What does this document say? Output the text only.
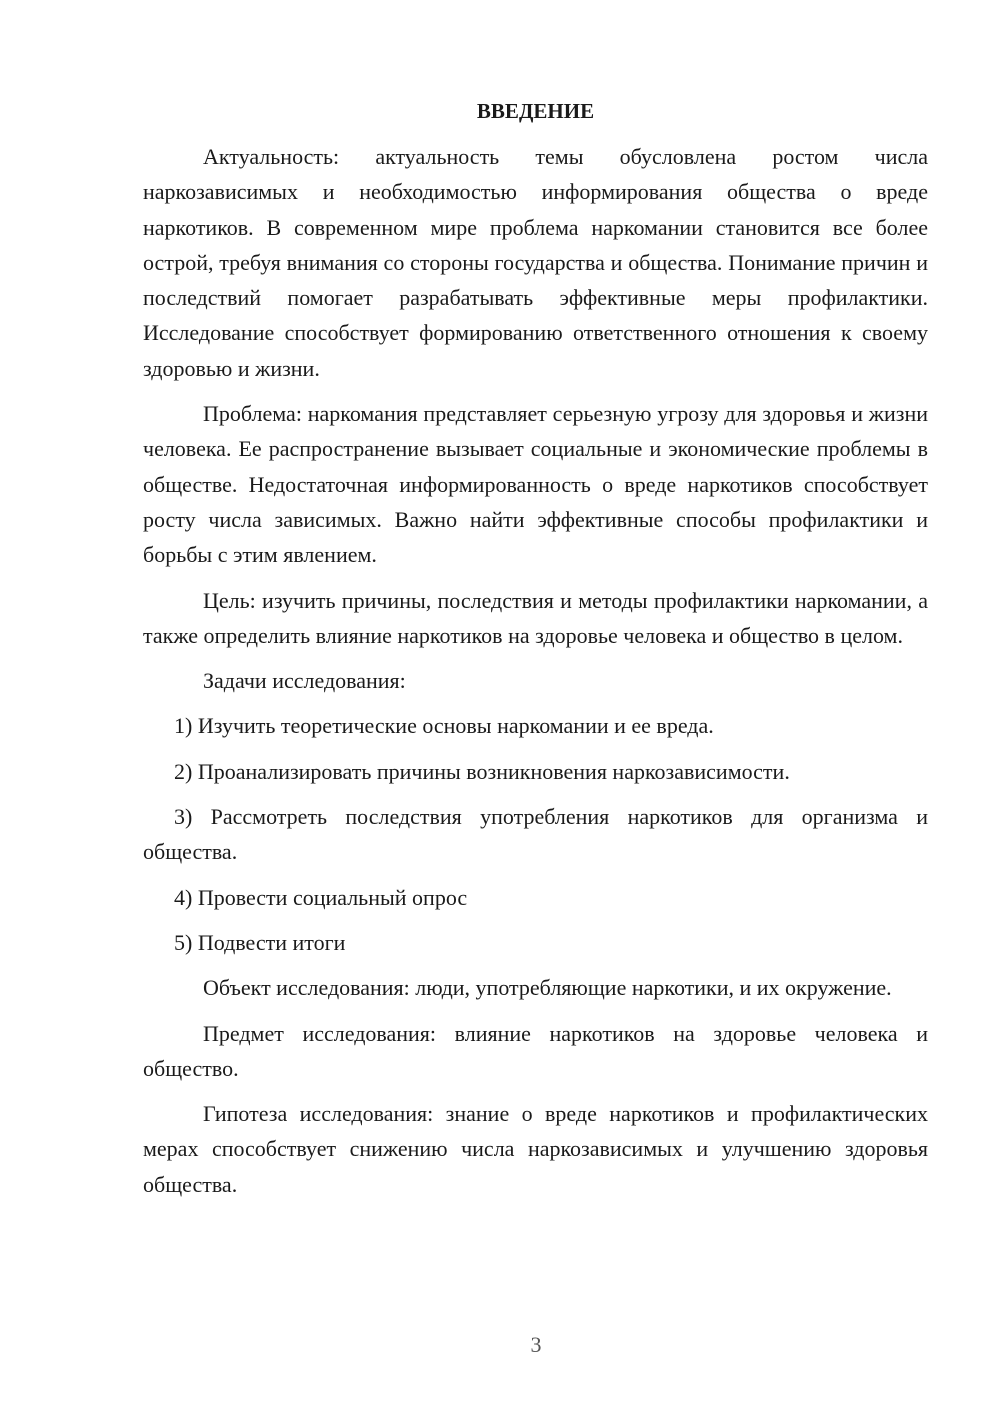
ВВЕДЕНИЕ

Актуальность: актуальность темы обусловлена ростом числа наркозависимых и необходимостью информирования общества о вреде наркотиков. В современном мире проблема наркомании становится все более острой, требуя внимания со стороны государства и общества. Понимание причин и последствий помогает разрабатывать эффективные меры профилактики. Исследование способствует формированию ответственного отношения к своему здоровью и жизни.

Проблема: наркомания представляет серьезную угрозу для здоровья и жизни человека. Ее распространение вызывает социальные и экономические проблемы в обществе. Недостаточная информированность о вреде наркотиков способствует росту числа зависимых. Важно найти эффективные способы профилактики и борьбы с этим явлением.

Цель: изучить причины, последствия и методы профилактики наркомании, а также определить влияние наркотиков на здоровье человека и общество в целом.

Задачи исследования:

1) Изучить теоретические основы наркомании и ее вреда.

2) Проанализировать причины возникновения наркозависимости.

3) Рассмотреть последствия употребления наркотиков для организма и общества.

4) Провести социальный опрос

5) Подвести итоги

Объект исследования: люди, употребляющие наркотики, и их окружение.

Предмет исследования: влияние наркотиков на здоровье человека и общество.

Гипотеза исследования: знание о вреде наркотиков и профилактических мерах способствует снижению числа наркозависимых и улучшению здоровья общества.

3
